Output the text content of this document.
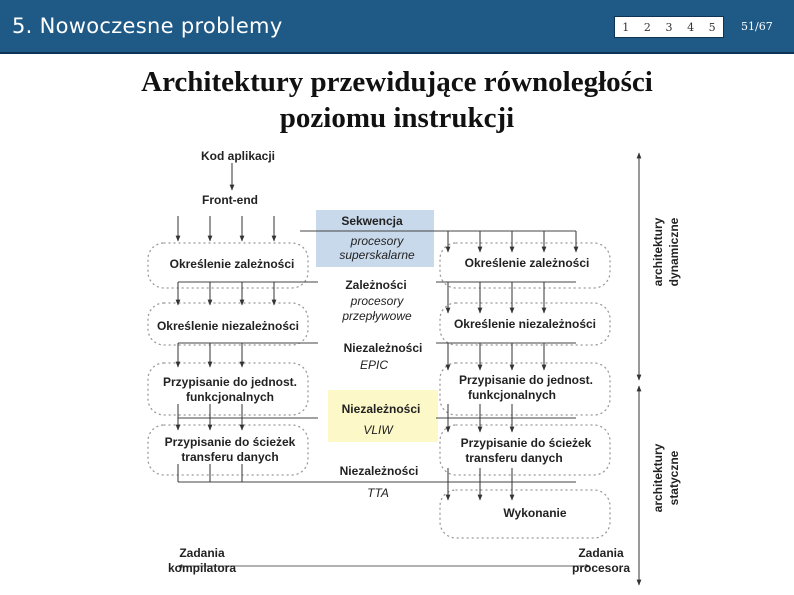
5. Nowoczesne problemy	1 2 3 4 5 51/67
Architektury przewidujące równoległości
poziomu instrukcji
Kod aplikacji
Front-end
Określenie zależności
Określenie niezależności
Przypisanie do jednost.
funkcjonalnych
Przypisanie do ścieżek
transferu danych
Zadania
kompilatora
Określenie zależności
Określenie niezależności
Przypisanie do jednost.
funkcjonalnych
Przypisanie do ścieżek
transferu danych
Wykonanie
Zadania
procesora
Sekwencja
procesory
superskalarne
Zależności
procesory
przepływowe
Niezależności
EPIC
Niezależności
VLIW
Niezależności
TTA
architektury dynamiczne
architektury statyczne
